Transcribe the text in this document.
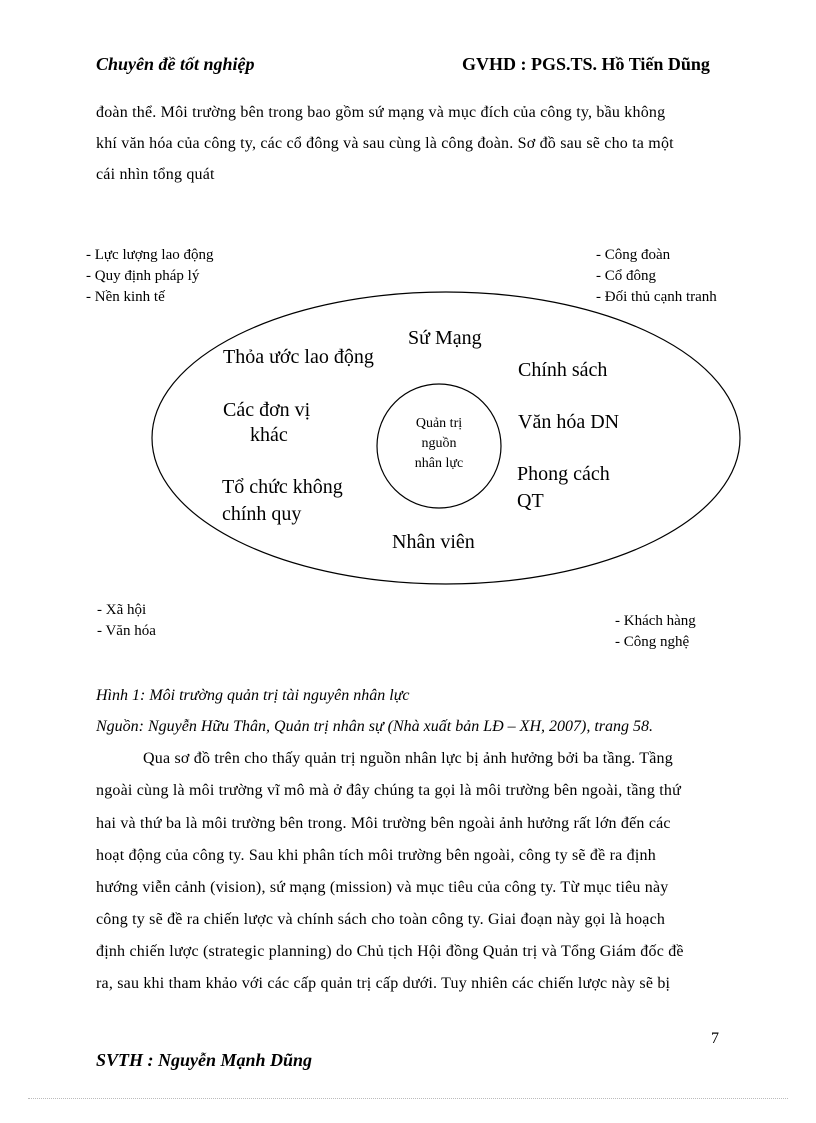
Chuyên đề tốt nghiệp	GVHD : PGS.TS. Hồ Tiến Dũng
đoàn thể. Môi trường bên trong bao gồm sứ mạng và mục đích của công ty, bầu không
khí văn hóa của công ty, các cổ đông và sau cùng là công đoàn. Sơ đồ sau sẽ cho ta một
cái nhìn tổng quát
- Lực lượng lao động
- Quy định pháp lý
- Nền kinh tế
- Công đoàn
- Cổ đông
- Đối thủ cạnh tranh
- Xã hội
- Văn hóa
- Khách hàng
- Công nghệ
Sứ Mạng
Thỏa ước lao động
Chính sách
Các đơn vị
khác
Văn hóa DN
Tổ chức không
chính quy
Phong cách
QT
Nhân viên
Quản trị
nguồn
nhân lực
Hình 1: Môi trường quản trị tài nguyên nhân lực
Nguồn: Nguyễn Hữu Thân, Quản trị nhân sự (Nhà xuất bản LĐ – XH, 2007), trang 58.
Qua sơ đồ trên cho thấy quản trị nguồn nhân lực bị ảnh hưởng bởi ba tầng. Tầng
ngoài cùng là môi trường vĩ mô mà ở đây chúng ta gọi là môi trường bên ngoài, tầng thứ
hai và thứ ba là môi trường bên trong. Môi trường bên ngoài ảnh hưởng rất lớn đến các
hoạt động của công ty. Sau khi phân tích môi trường bên ngoài, công ty sẽ đề ra định
hướng viễn cảnh (vision), sứ mạng (mission) và mục tiêu của công ty. Từ mục tiêu này
công ty sẽ đề ra chiến lược và chính sách cho toàn công ty. Giai đoạn này gọi là hoạch
định chiến lược (strategic planning) do Chủ tịch Hội đồng Quản trị và Tổng Giám đốc đề
ra, sau khi tham khảo với các cấp quản trị cấp dưới. Tuy nhiên các chiến lược này sẽ bị
7
SVTH : Nguyễn Mạnh Dũng
